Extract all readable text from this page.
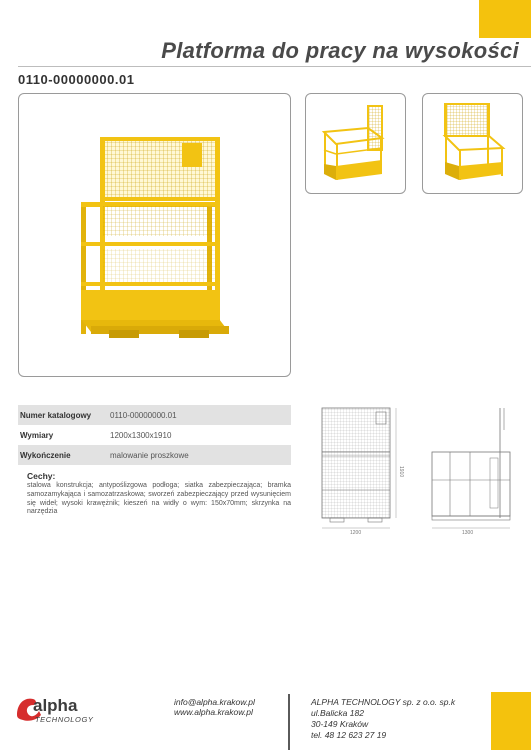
Platforma do pracy na wysokości
0110-00000000.01
Numer katalogowy	0110-00000000.01
Wymiary	1200x1300x1910
Wykończenie	malowanie proszkowe
Cechy:
stalowa konstrukcja; antypoślizgowa podłoga; siatka zabezpieczająca; bramka samozamykająca i samozatrzaskowa; sworzeń zabezpieczający przed wysunięciem się wideł; wysoki krawężnik; kieszeń na widły o wym: 150x70mm; skrzynka na narzędzia
1200
1910
1300
alpha
TECHNOLOGY
info@alpha.krakow.pl
www.alpha.krakow.pl
ALPHA TECHNOLOGY sp. z o.o. sp.k
ul.Balicka 182
30-149 Kraków
tel. 48 12 623 27 19
